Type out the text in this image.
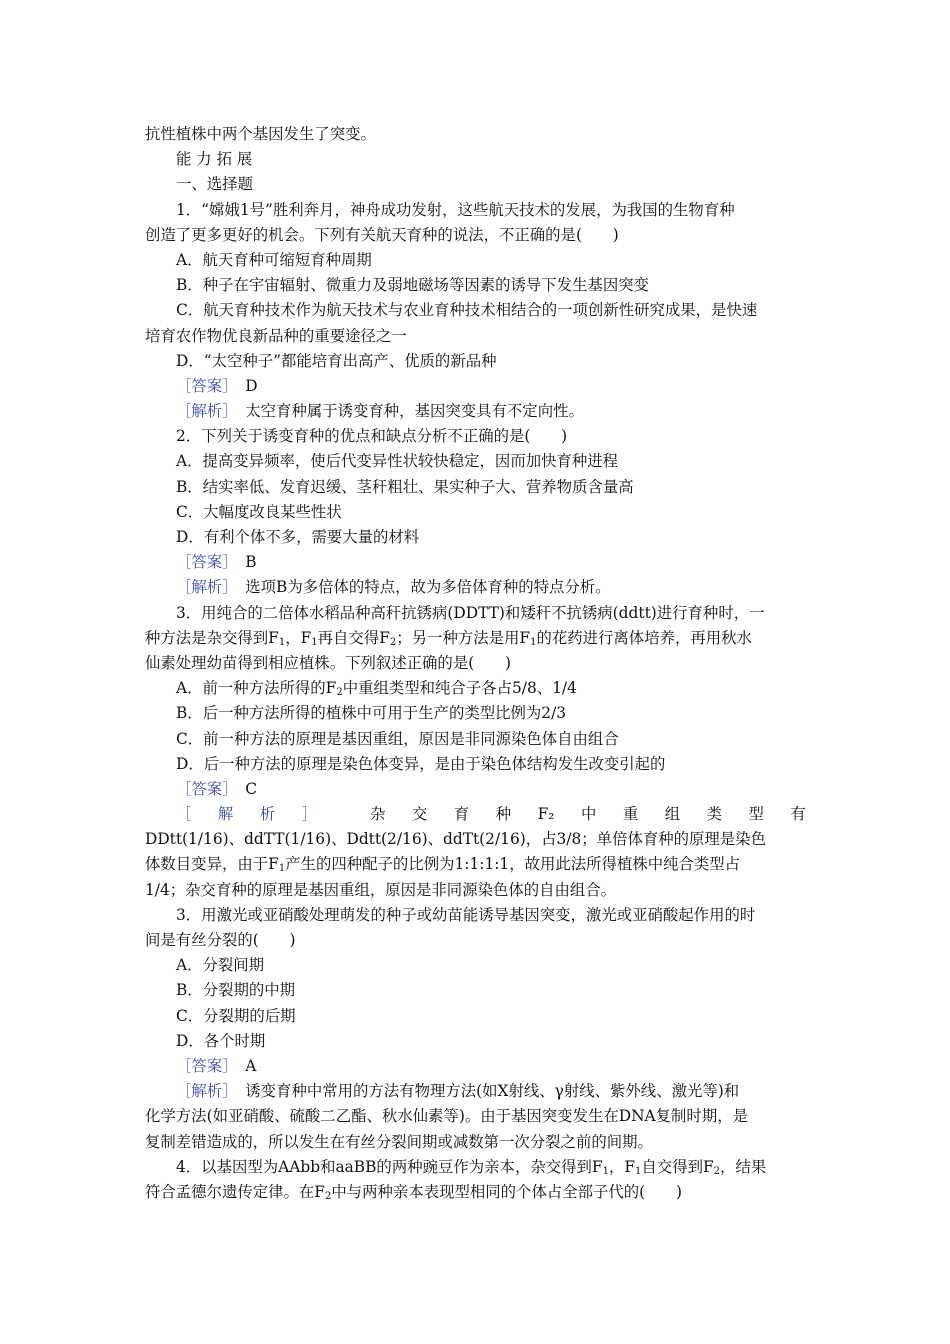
抗性植株中两个基因发生了突变。
能 力 拓 展
一、选择题
1．“嫦娥1号”胜利奔月，神舟成功发射，这些航天技术的发展，为我国的生物育种
创造了更多更好的机会。下列有关航天育种的说法，不正确的是(　　)
A．航天育种可缩短育种周期
B．种子在宇宙辐射、微重力及弱地磁场等因素的诱导下发生基因突变
C．航天育种技术作为航天技术与农业育种技术相结合的一项创新性研究成果，是快速
培育农作物优良新品种的重要途径之一
D．“太空种子”都能培育出高产、优质的新品种
［答案］　D
［解析］　太空育种属于诱变育种，基因突变具有不定向性。
2．下列关于诱变育种的优点和缺点分析不正确的是(　　)
A．提高变异频率，使后代变异性状较快稳定，因而加快育种进程
B．结实率低、发育迟缓、茎秆粗壮、果实种子大、营养物质含量高
C．大幅度改良某些性状
D．有利个体不多，需要大量的材料
［答案］　B
［解析］　选项B为多倍体的特点，故为多倍体育种的特点分析。
3．用纯合的二倍体水稻品种高秆抗锈病(DDTT)和矮秆不抗锈病(ddtt)进行育种时，一
种方法是杂交得到$F_1$，$F_1$再自交得$F_2$；另一种方法是用$F_1$的花药进行离体培养，再用秋水
仙素处理幼苗得到相应植株。下列叙述正确的是(　　)
A．前一种方法所得的$F_2$中重组类型和纯合子各占5/8、1/4
B．后一种方法所得的植株中可用于生产的类型比例为2/3
C．前一种方法的原理是基因重组，原因是非同源染色体自由组合
D．后一种方法的原理是染色体变异，是由于染色体结构发生改变引起的
［答案］　C
［ 解 析 ］	杂 交 育 种 F₂ 中 重 组 类 型 有
DDtt(1/16)、ddTT(1/16)、Ddtt(2/16)、ddTt(2/16)，占3/8；单倍体育种的原理是染色
体数目变异，由于$F_1$产生的四种配子的比例为1:1:1:1，故用此法所得植株中纯合类型占
1/4；杂交育种的原理是基因重组，原因是非同源染色体的自由组合。
3．用激光或亚硝酸处理萌发的种子或幼苗能诱导基因突变，激光或亚硝酸起作用的时
间是有丝分裂的(　　)
A．分裂间期
B．分裂期的中期
C．分裂期的后期
D．各个时期
［答案］　A
［解析］　诱变育种中常用的方法有物理方法(如X射线、γ射线、紫外线、激光等)和
化学方法(如亚硝酸、硫酸二乙酯、秋水仙素等)。由于基因突变发生在DNA复制时期，是
复制差错造成的，所以发生在有丝分裂间期或减数第一次分裂之前的间期。
4．以基因型为AAbb和aaBB的两种豌豆作为亲本，杂交得到$F_1$，$F_1$自交得到$F_2$，结果
符合孟德尔遗传定律。在$F_2$中与两种亲本表现型相同的个体占全部子代的(　　)
